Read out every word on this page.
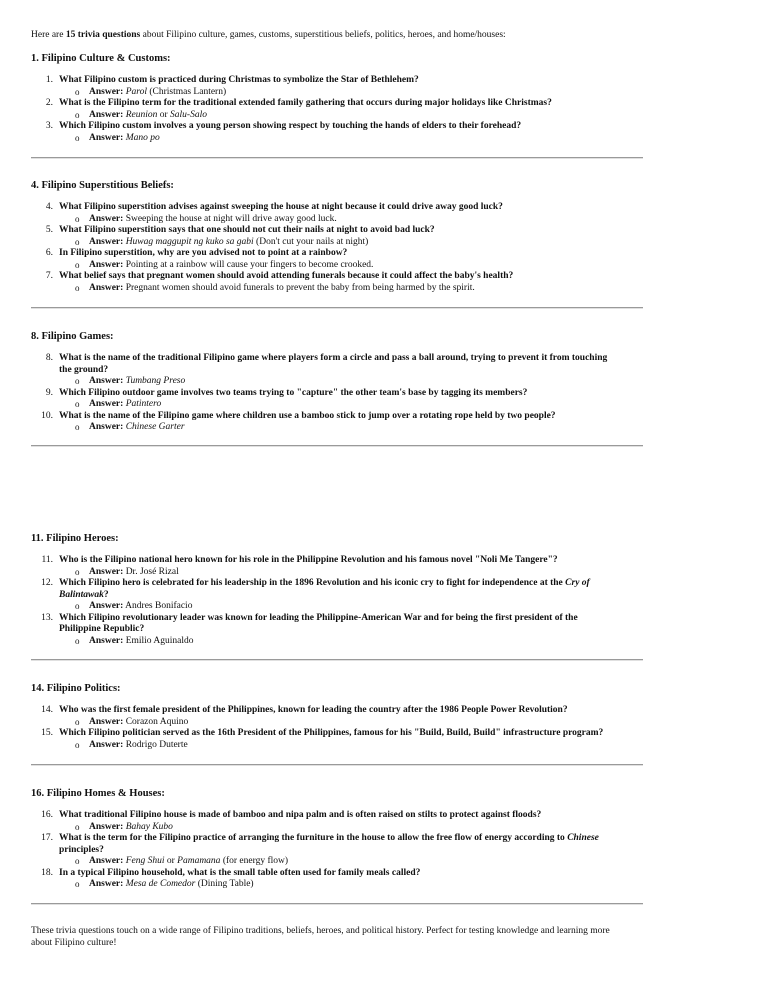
Here are 15 trivia questions about Filipino culture, games, customs, superstitious beliefs, politics, heroes, and home/houses:
1. Filipino Culture & Customs:
1. What Filipino custom is practiced during Christmas to symbolize the Star of Bethlehem?
o Answer: Parol (Christmas Lantern)
2. What is the Filipino term for the traditional extended family gathering that occurs during major holidays like Christmas?
o Answer: Reunion or Salu-Salo
3. Which Filipino custom involves a young person showing respect by touching the hands of elders to their forehead?
o Answer: Mano po
4. Filipino Superstitious Beliefs:
4. What Filipino superstition advises against sweeping the house at night because it could drive away good luck?
o Answer: Sweeping the house at night will drive away good luck.
5. What Filipino superstition says that one should not cut their nails at night to avoid bad luck?
o Answer: Huwag maggupit ng kuko sa gabi (Don't cut your nails at night)
6. In Filipino superstition, why are you advised not to point at a rainbow?
o Answer: Pointing at a rainbow will cause your fingers to become crooked.
7. What belief says that pregnant women should avoid attending funerals because it could affect the baby's health?
o Answer: Pregnant women should avoid funerals to prevent the baby from being harmed by the spirit.
8. Filipino Games:
8. What is the name of the traditional Filipino game where players form a circle and pass a ball around, trying to prevent it from touching
the ground?
o Answer: Tumbang Preso
9. Which Filipino outdoor game involves two teams trying to "capture" the other team's base by tagging its members?
o Answer: Patintero
10. What is the name of the Filipino game where children use a bamboo stick to jump over a rotating rope held by two people?
o Answer: Chinese Garter
11. Filipino Heroes:
11. Who is the Filipino national hero known for his role in the Philippine Revolution and his famous novel "Noli Me Tangere"?
o Answer: Dr. José Rizal
12. Which Filipino hero is celebrated for his leadership in the 1896 Revolution and his iconic cry to fight for independence at the Cry of
Balintawak?
o Answer: Andres Bonifacio
13. Which Filipino revolutionary leader was known for leading the Philippine-American War and for being the first president of the
Philippine Republic?
o Answer: Emilio Aguinaldo
14. Filipino Politics:
14. Who was the first female president of the Philippines, known for leading the country after the 1986 People Power Revolution?
o Answer: Corazon Aquino
15. Which Filipino politician served as the 16th President of the Philippines, famous for his "Build, Build, Build" infrastructure program?
o Answer: Rodrigo Duterte
16. Filipino Homes & Houses:
16. What traditional Filipino house is made of bamboo and nipa palm and is often raised on stilts to protect against floods?
o Answer: Bahay Kubo
17. What is the term for the Filipino practice of arranging the furniture in the house to allow the free flow of energy according to Chinese
principles?
o Answer: Feng Shui or Pamamana (for energy flow)
18. In a typical Filipino household, what is the small table often used for family meals called?
o Answer: Mesa de Comedor (Dining Table)
These trivia questions touch on a wide range of Filipino traditions, beliefs, heroes, and political history. Perfect for testing knowledge and learning more
about Filipino culture!
